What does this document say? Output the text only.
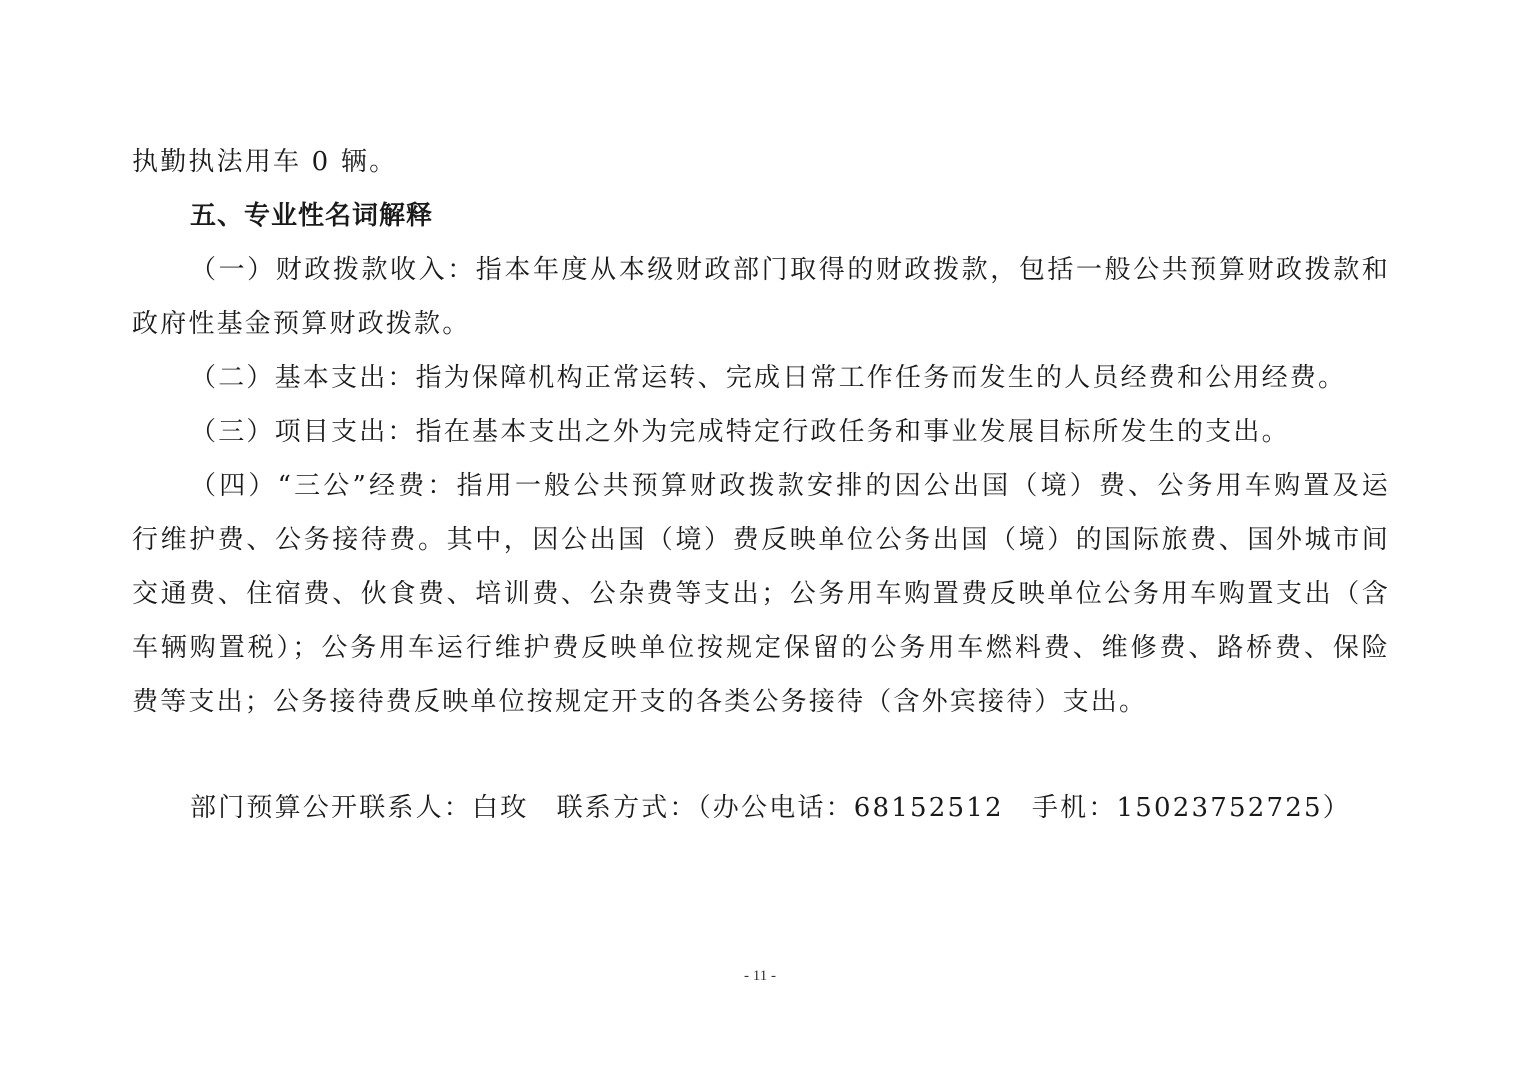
执勤执法用车 0 辆。
五、专业性名词解释
（一）财政拨款收入：指本年度从本级财政部门取得的财政拨款，包括一般公共预算财政拨款和
政府性基金预算财政拨款。
（二）基本支出：指为保障机构正常运转、完成日常工作任务而发生的人员经费和公用经费。
（三）项目支出：指在基本支出之外为完成特定行政任务和事业发展目标所发生的支出。
（四）“三公”经费：指用一般公共预算财政拨款安排的因公出国（境）费、公务用车购置及运
行维护费、公务接待费。其中，因公出国（境）费反映单位公务出国（境）的国际旅费、国外城市间
交通费、住宿费、伙食费、培训费、公杂费等支出；公务用车购置费反映单位公务用车购置支出（含
车辆购置税）；公务用车运行维护费反映单位按规定保留的公务用车燃料费、维修费、路桥费、保险
费等支出；公务接待费反映单位按规定开支的各类公务接待（含外宾接待）支出。
部门预算公开联系人：白玫　联系方式：（办公电话：68152512　手机：15023752725）
- 11 -
